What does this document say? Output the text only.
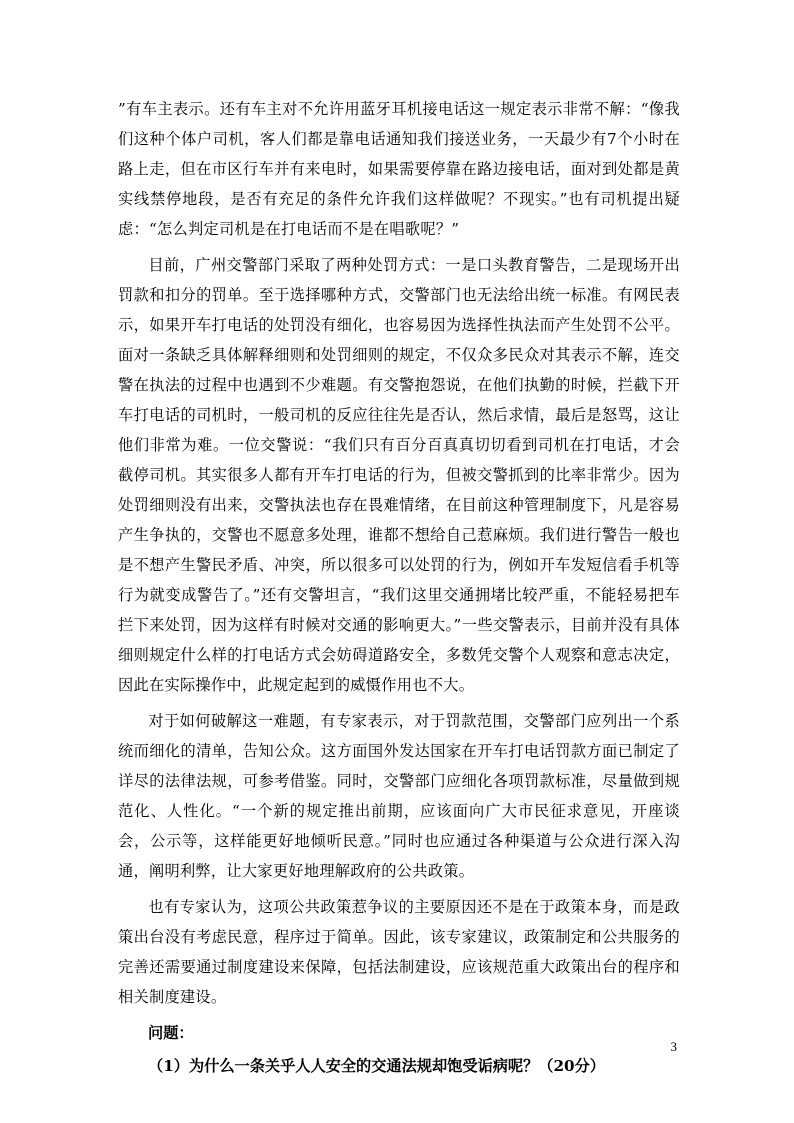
”有车主表示。还有车主对不允许用蓝牙耳机接电话这一规定表示非常不解：“像我们这种个体户司机，客人们都是靠电话通知我们接送业务，一天最少有7个小时在路上走，但在市区行车并有来电时，如果需要停靠在路边接电话，面对到处都是黄实线禁停地段，是否有充足的条件允许我们这样做呢？不现实。”也有司机提出疑虑：“怎么判定司机是在打电话而不是在唱歌呢？”

目前，广州交警部门采取了两种处罚方式：一是口头教育警告，二是现场开出罚款和扣分的罚单。至于选择哪种方式，交警部门也无法给出统一标准。有网民表示，如果开车打电话的处罚没有细化，也容易因为选择性执法而产生处罚不公平。面对一条缺乏具体解释细则和处罚细则的规定，不仅众多民众对其表示不解，连交警在执法的过程中也遇到不少难题。有交警抱怨说，在他们执勤的时候，拦截下开车打电话的司机时，一般司机的反应往往先是否认，然后求情，最后是怒骂，这让他们非常为难。一位交警说：“我们只有百分百真真切切看到司机在打电话，才会截停司机。其实很多人都有开车打电话的行为，但被交警抓到的比率非常少。因为处罚细则没有出来，交警执法也存在畏难情绪，在目前这种管理制度下，凡是容易产生争执的，交警也不愿意多处理，谁都不想给自己惹麻烦。我们进行警告一般也是不想产生警民矛盾、冲突，所以很多可以处罚的行为，例如开车发短信看手机等行为就变成警告了。”还有交警坦言，“我们这里交通拥堵比较严重，不能轻易把车拦下来处罚，因为这样有时候对交通的影响更大。”一些交警表示，目前并没有具体细则规定什么样的打电话方式会妨碍道路安全，多数凭交警个人观察和意志决定，因此在实际操作中，此规定起到的威慑作用也不大。

对于如何破解这一难题，有专家表示，对于罚款范围，交警部门应列出一个系统而细化的清单，告知公众。这方面国外发达国家在开车打电话罚款方面已制定了详尽的法律法规，可参考借鉴。同时，交警部门应细化各项罚款标准，尽量做到规范化、人性化。“一个新的规定推出前期，应该面向广大市民征求意见，开座谈会，公示等，这样能更好地倾听民意。”同时也应通过各种渠道与公众进行深入沟通，阐明利弊，让大家更好地理解政府的公共政策。

也有专家认为，这项公共政策惹争议的主要原因还不是在于政策本身，而是政策出台没有考虑民意，程序过于简单。因此，该专家建议，政策制定和公共服务的完善还需要通过制度建设来保障，包括法制建设，应该规范重大政策出台的程序和相关制度建设。

问题：

（1）为什么一条关乎人人安全的交通法规却饱受诟病呢？（20分）

3
